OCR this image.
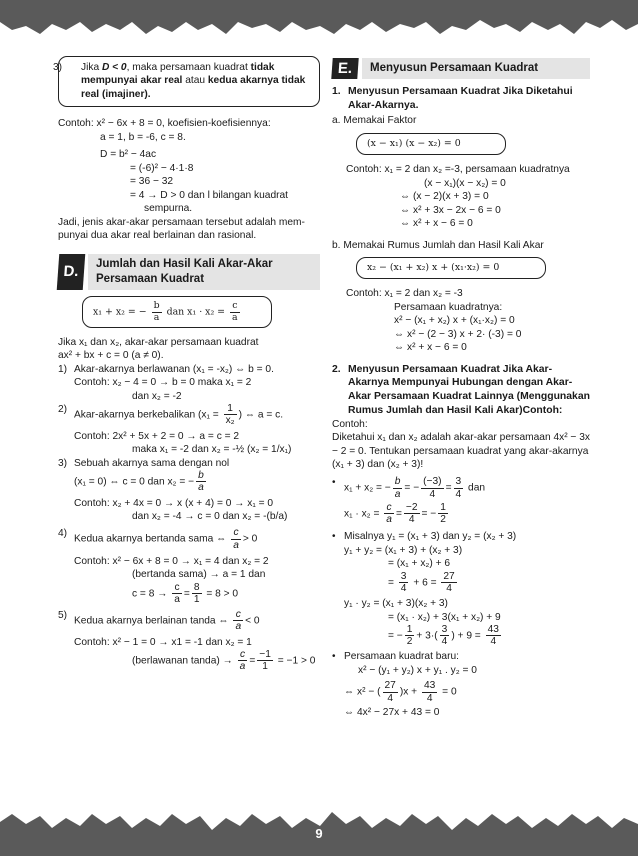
9

3) Jika D < 0, maka persamaan kuadrat tidak mempunyai akar real atau kedua akarnya tidak real (imajiner).

Contoh: x² − 6x + 8 = 0, koefisien-koefisiennya:
a = 1, b = -6, c = 8.
D = b² − 4ac
= (-6)² − 4·1·8
= 36 − 32
= 4 → D > 0 dan l bilangan kuadrat
sempurna.
Jadi, jenis akar-akar persamaan tersebut adalah mem-
punyai dua akar real berlainan dan rasional.
D.	Jumlah dan Hasil Kali Akar-Akar
Persamaan Kuadrat
x₁ + x₂ = − $\frac{b}{a}$ dan $x_1 \cdot x_2 = \frac{c}{a}$
Jika x₁ dan x₂, akar-akar persamaan kuadrat
ax² + bx + c = 0 (a ≠ 0).
1) Akar-akarnya berlawanan (x₁ = -x₂) ⇔ b = 0.
Contoh: x₂ − 4 = 0 → b = 0 maka x₁ = 2
dan x₂ = -2
2) Akar-akarnya berkebalikan ($x_1 = \frac{1}{\text{x₂}}$ ) ⇔ a = c.
Contoh: 2x² + 5x + 2 = 0 → a = c = 2
maka x₁ = -2 dan x₂ = -½ (x₂ = 1/x₁)
3) Sebuah akarnya sama dengan nol
(x₁ = 0) ⇔ c = 0 dan x₂ = − $\frac{b}{a}$
Contoh: x₂ + 4x = 0 → x (x + 4) = 0 → x₁ = 0
dan x₂ = -4 → c = 0 dan x₂ = -(b/a)
4) Kedua akarnya bertanda sama ⇔ $\frac{c}{a} > 0$
Contoh: x² − 6x + 8 = 0 → x₁ = 4 dan x₂ = 2
(bertanda sama) → a = 1 dan
$c = 8 \to \frac{c}{a} = \frac{8}{1} = 8 > 0$
5) Kedua akarnya berlainan tanda ⇔ $\frac{c}{a} < 0$
Contoh: x² − 1 = 0 → x1 = -1 dan x₂ = 1
(berlawanan tanda) → $\frac{c}{a} = \frac{-1}{1} = -1 > 0$
E.	Menyusun Persamaan Kuadrat
1. Menyusun Persamaan Kuadrat Jika Diketahui Akar-Akarnya.
a. Memakai Faktor
(x − x₁) (x − x₂) = 0
Contoh: x₁ = 2 dan x₂ =-3, persamaan kuadratnya
(x − x₁)(x − x₂) = 0
⇔ (x − 2)(x + 3) = 0
⇔ x² + 3x − 2x − 6 = 0
⇔ x² + x − 6 = 0
b. Memakai Rumus Jumlah dan Hasil Kali Akar
x₂ − (x₁ + x₂) x + (x₁·x₂) = 0
Contoh: x₁ = 2 dan x₂ = -3
Persamaan kuadratnya:
x² − (x₁ + x₂) x + (x₁·x₂) = 0
⇔ x² − (2 − 3) x + 2· (-3) = 0
⇔ x² + x − 6 = 0
2. Menyusun Persamaan Kuadrat Jika Akar-Akarnya Mempunyai Hubungan dengan Akar-Akar Persamaan Kuadrat Lainnya (Menggunakan Rumus Jumlah dan Hasil Kali Akar)Contoh:
Contoh:
Diketahui x₁ dan x₂ adalah akar-akar persamaan 4x² − 3x − 2 = 0. Tentukan persamaan kuadrat yang akar-akarnya (x₁ + 3) dan (x₂ + 3)!
• x₁ + x₂ = − $\frac{b}{a}$ = − $\frac{(-3)}{4} = \frac{3}{4}$ dan
$x_1 \cdot x_2 = \frac{c}{a} = \frac{-2}{4}$ = − $\frac{1}{2}$
• Misalnya y₁ = (x₁ + 3) dan y₂ = (x₂ + 3)
y₁ + y₂ = (x₁ + 3) + (x₂ + 3)
= (x₁ + x₂) + 6
= $\frac{3}{4} + 6 = \frac{27}{4}$
y₁ · y₂ = (x₁ + 3)(x₂ + 3)
= (x₁ · x₂) + 3(x₁ + x₂) + 9
= − $\frac{1}{2} + 3\cdot( \frac{3}{4}$ ) + $9 = \frac{43}{4}$
• Persamaan kuadrat baru:
x² − (y₁ + y₂) x + y₁ . y₂ = 0
⇔ x² − ( $\frac{27}{4} )x + \frac{43}{4} = 0$
⇔ 4x² − 27x + 43 = 0
